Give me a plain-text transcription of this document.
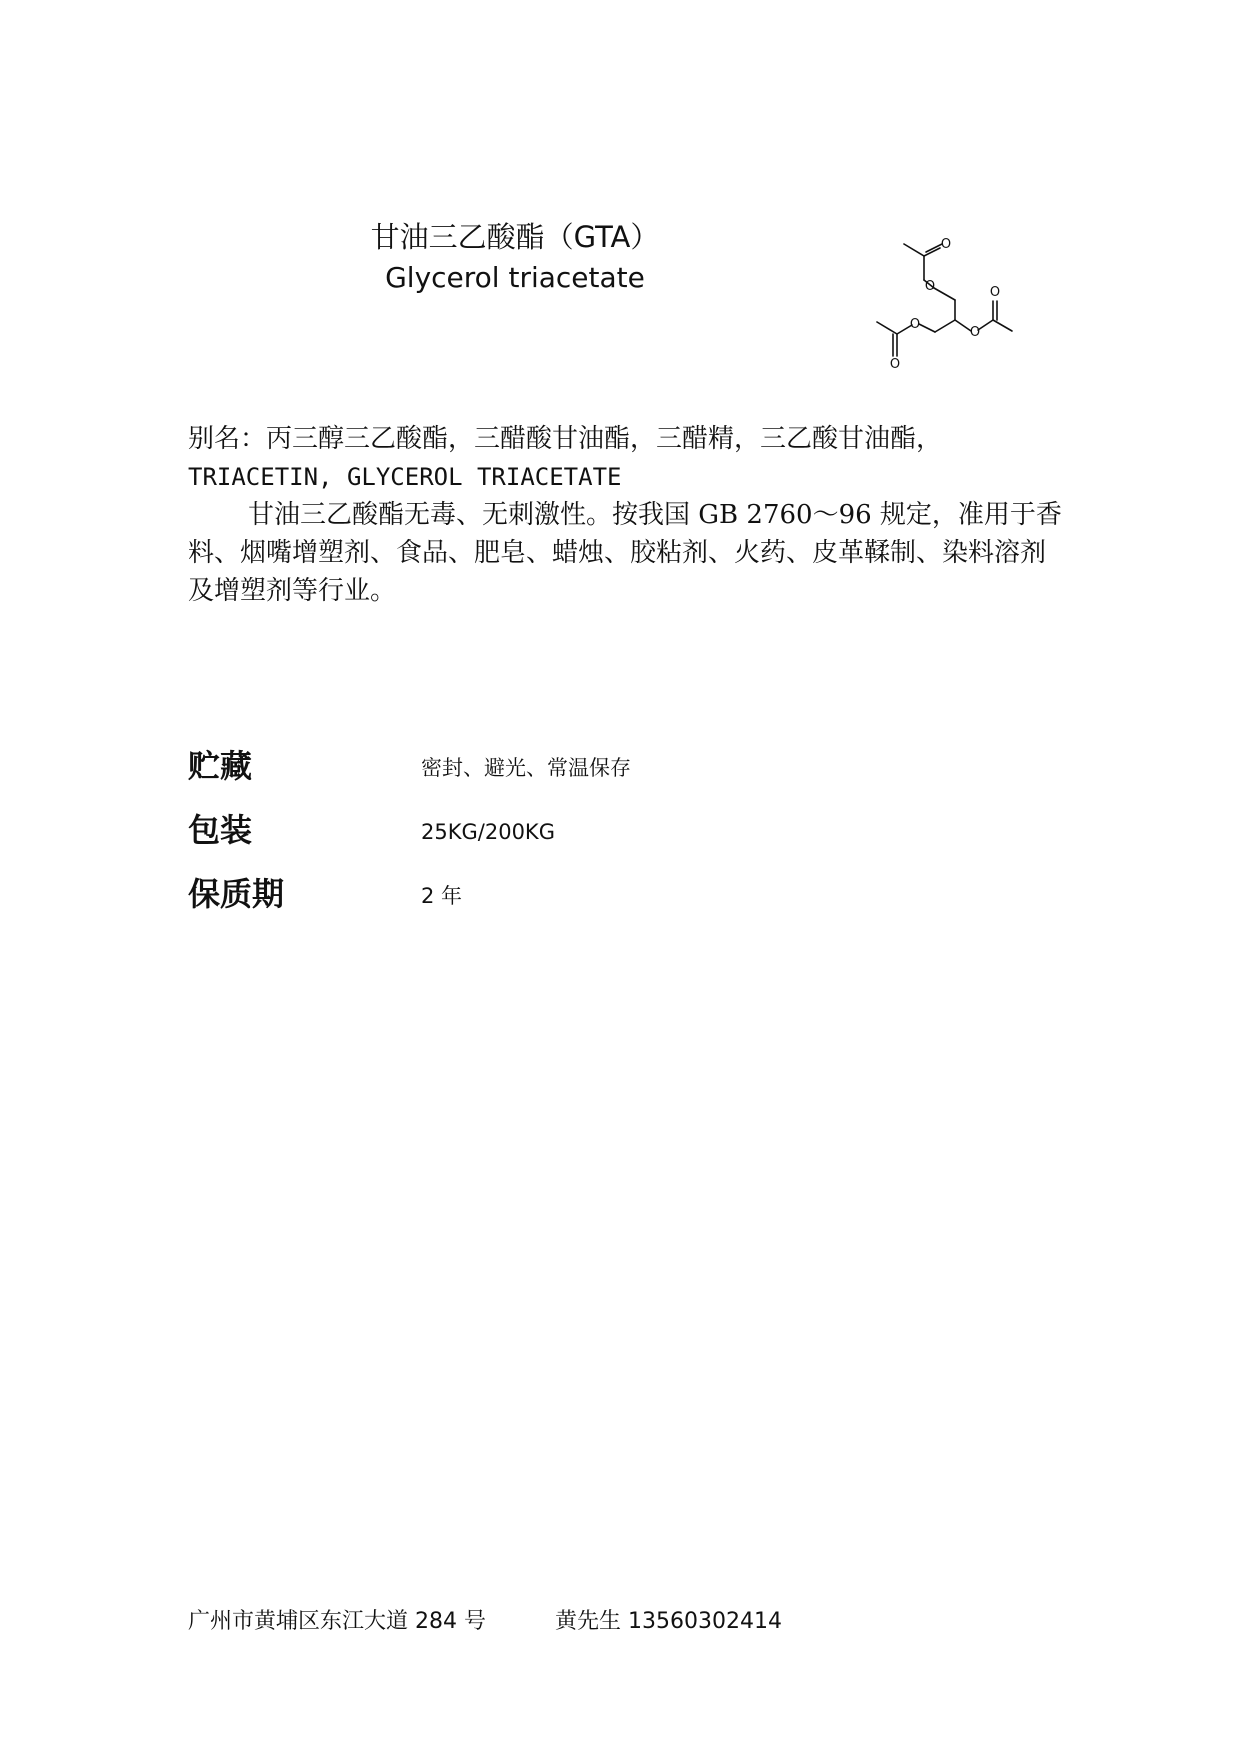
甘油三乙酸酯（GTA）
Glycerol triacetate
O
O
O
O
O
O
别名：丙三醇三乙酸酯，三醋酸甘油酯，三醋精，三乙酸甘油酯，
TRIACETIN, GLYCEROL TRIACETATE

甘油三乙酸酯无毒、无刺激性。按我国 GB 2760～96 规定，准用于香料、烟嘴增塑剂、食品、肥皂、蜡烛、胶粘剂、火药、皮革鞣制、染料溶剂及增塑剂等行业。

贮藏	密封、避光、常温保存
包装	25KG/200KG
保质期	2 年
广州市黄埔区东江大道 284 号	黄先生 13560302414
